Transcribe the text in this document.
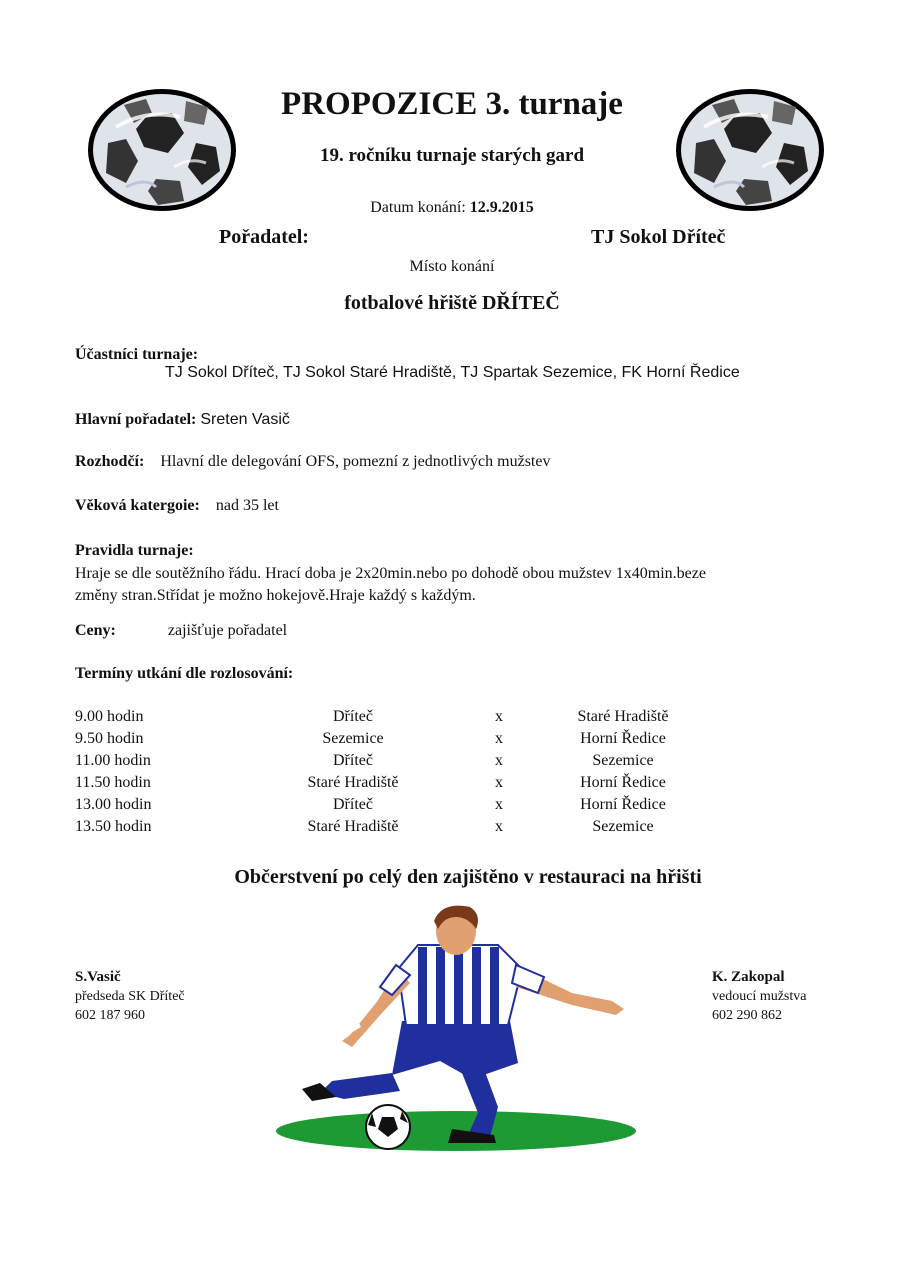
PROPOZICE 3. turnaje
19. ročníku turnaje starých gard
Datum konání: 12.9.2015
Pořadatel:	TJ Sokol Dříteč
Místo konání
fotbalové hřiště DŘÍTEČ
Účastníci turnaje:
TJ Sokol Dříteč, TJ Sokol Staré Hradiště, TJ Spartak Sezemice, FK Horní Ředice
Hlavní pořadatel: Sreten Vasič
Rozhodčí: Hlavní dle delegování OFS, pomezní z jednotlivých mužstev
Věková katergoie: nad 35 let
Pravidla turnaje:
Hraje se dle soutěžního řádu. Hrací doba je 2x20min.nebo po dohodě obou mužstev 1x40min.beze
změny stran.Střídat je možno hokejově.Hraje každý s každým.
Ceny:	zajišťuje pořadatel
Termíny utkání dle rozlosování:
9.00 hodin	Dříteč	x	Staré Hradiště
9.50 hodin	Sezemice	x	Horní Ředice
11.00 hodin	Dříteč	x	Sezemice
11.50 hodin	Staré Hradiště	x	Horní Ředice
13.00 hodin	Dříteč	x	Horní Ředice
13.50 hodin	Staré Hradiště	x	Sezemice
Občerstvení po celý den zajištěno v restauraci na hřišti
S.Vasič
předseda SK Dříteč
602 187 960
K. Zakopal
vedoucí mužstva
602 290 862
